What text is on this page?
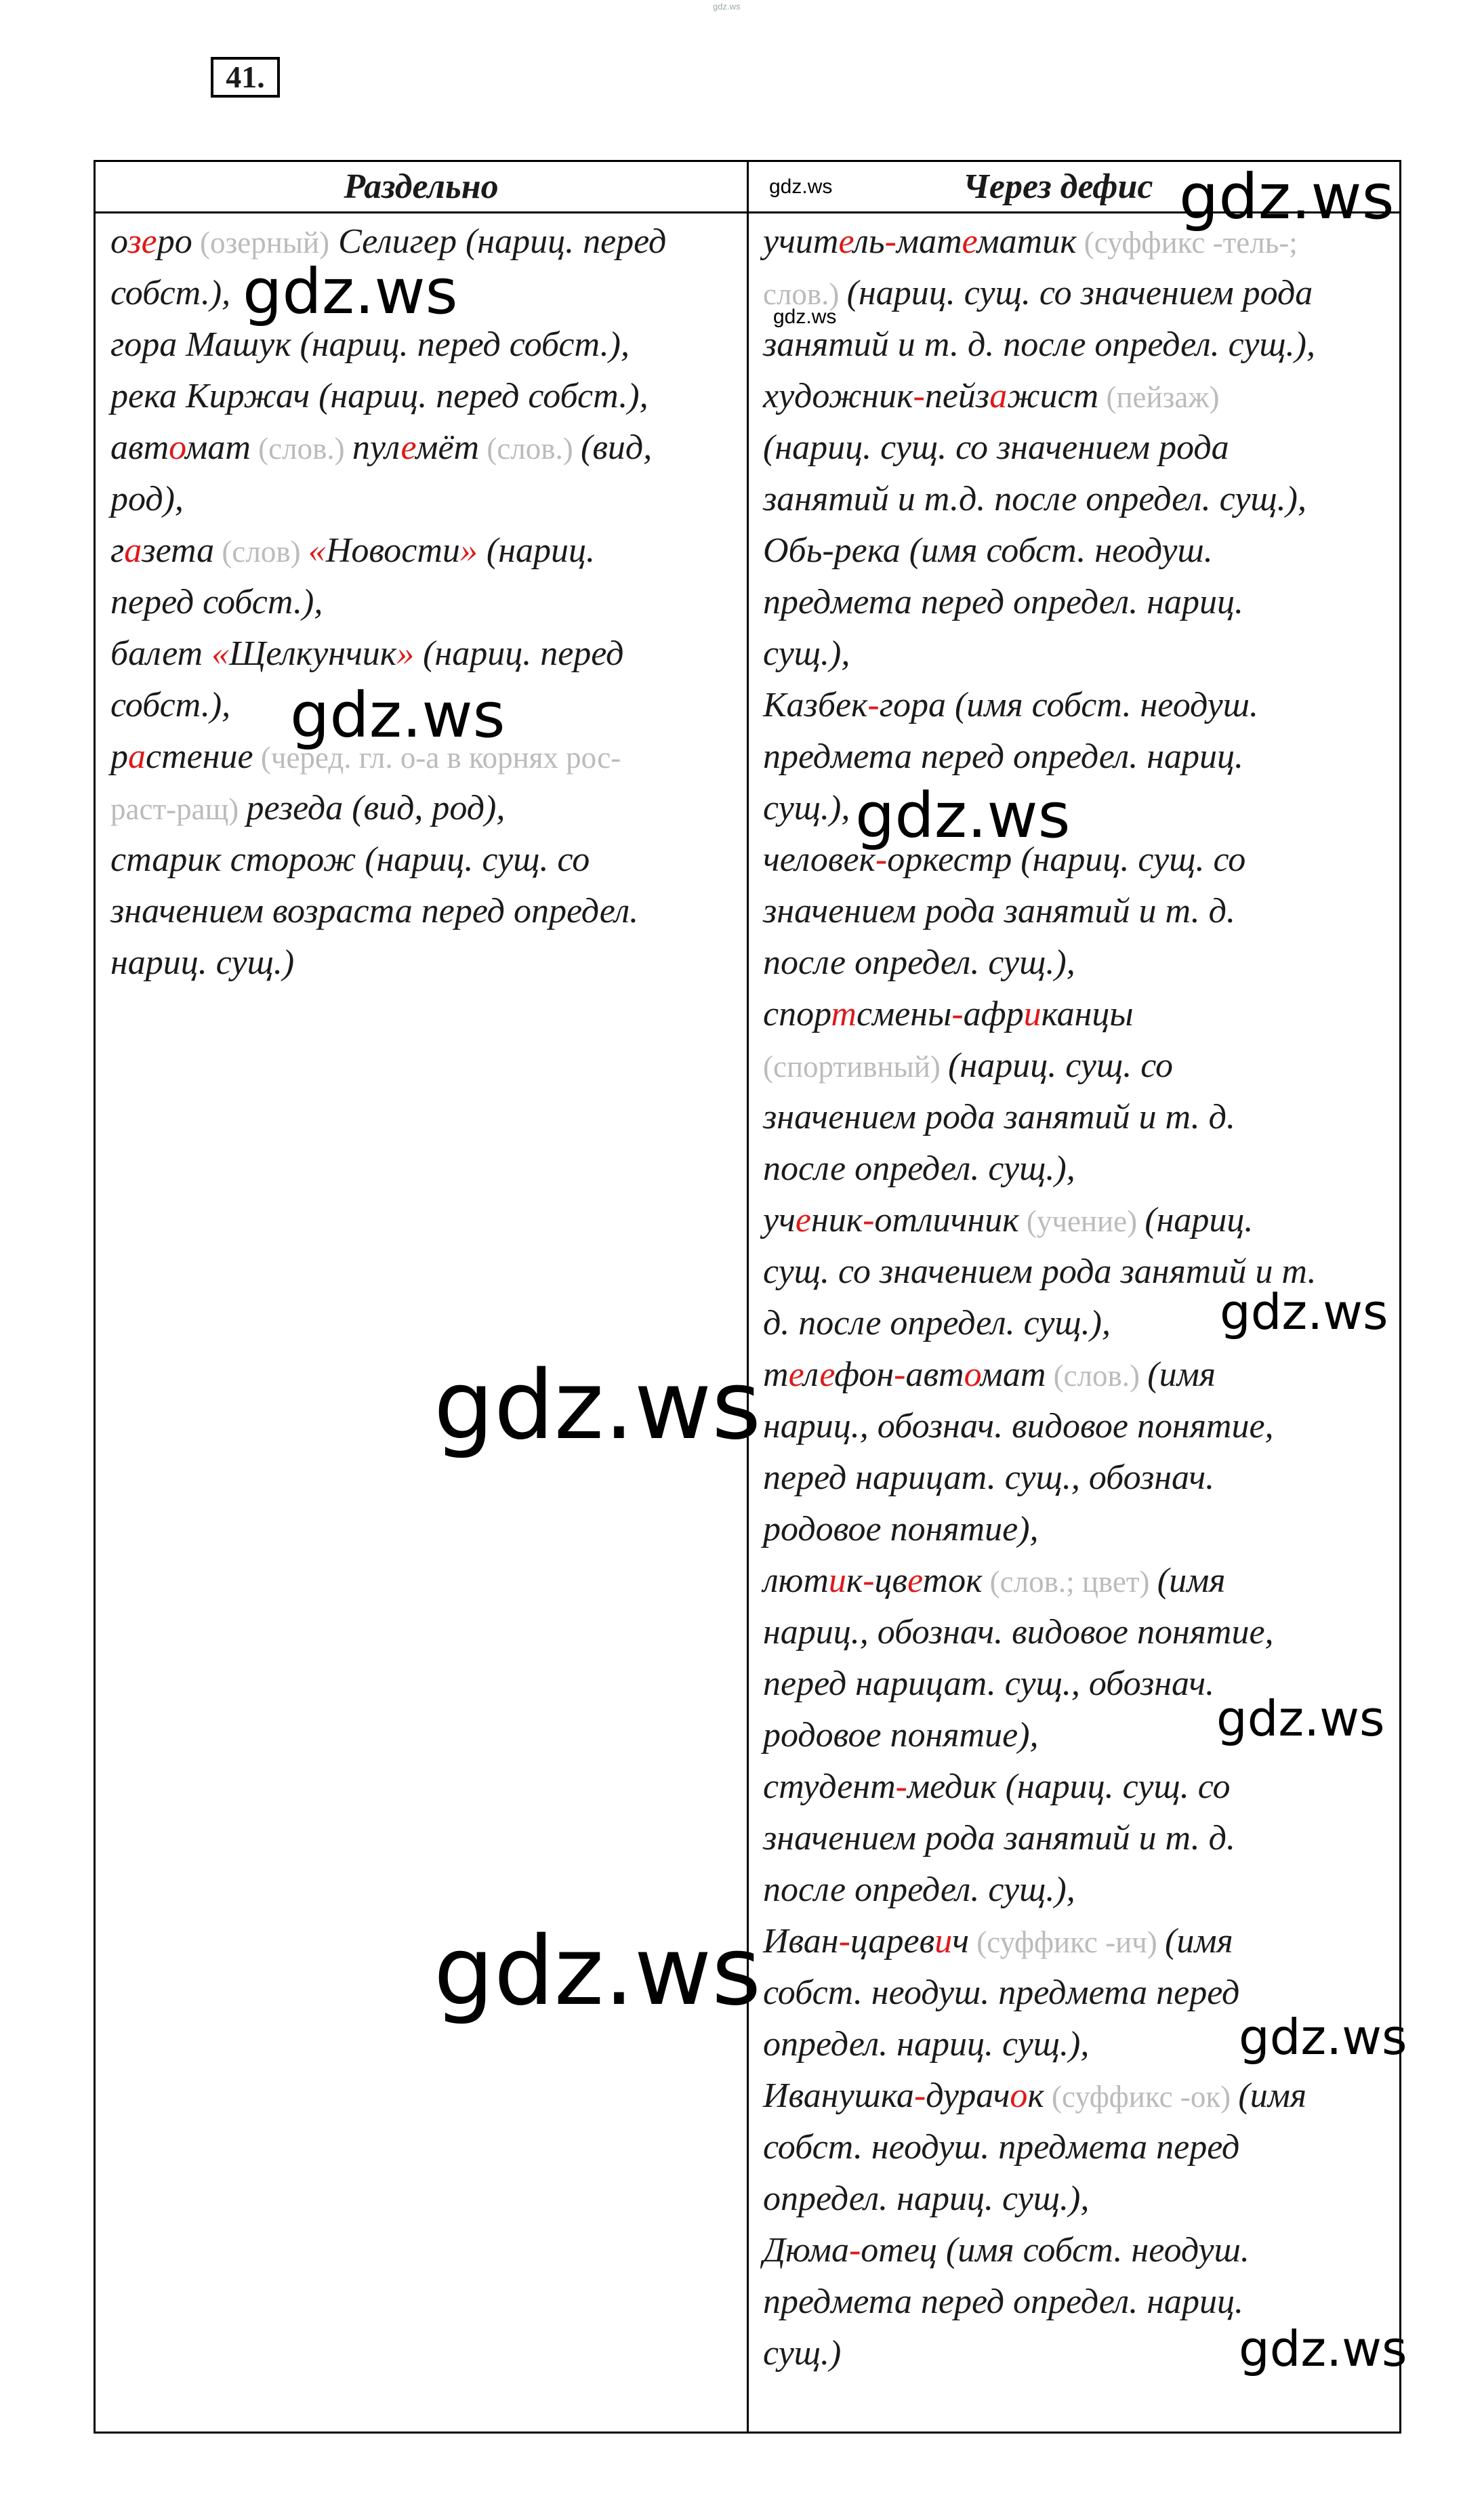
gdz.ws
41.
Раздельно	Через дефис
gdz.ws
gdz.ws
озеро (озерный) Селигер (нариц. перед
собст.),
гора Машук (нариц. перед собст.),
река Киржач (нариц. перед собст.),
автомат (слов.) пулемёт (слов.) (вид,
род),
газета (слов) «Новости» (нариц.
перед собст.),
балет «Щелкунчик» (нариц. перед
собст.),
растение (черед. гл. о-а в корнях рос-
раст-ращ) резеда (вид, род),
старик сторож (нариц. сущ. со
значением возраста перед определ.
нариц. сущ.)
учитель-математик (суффикс -тель-;
слов.) (нариц. сущ. со значением рода
занятий и т. д. после определ. сущ.),
художник-пейзажист (пейзаж)
(нариц. сущ. со значением рода
занятий и т.д. после определ. сущ.),
Обь-река (имя собст. неодуш.
предмета перед определ. нариц.
сущ.),
Казбек-гора (имя собст. неодуш.
предмета перед определ. нариц.
сущ.),
человек-оркестр (нариц. сущ. со
значением рода занятий и т. д.
после определ. сущ.),
спортсмены-африканцы
(спортивный) (нариц. сущ. со
значением рода занятий и т. д.
после определ. сущ.),
ученик-отличник (учение) (нариц.
сущ. со значением рода занятий и т.
д. после определ. сущ.),
телефон-автомат (слов.) (имя
нариц., обознач. видовое понятие,
перед нарицат. сущ., обознач.
родовое понятие),
лютик-цветок (слов.; цвет) (имя
нариц., обознач. видовое понятие,
перед нарицат. сущ., обознач.
родовое понятие),
студент-медик (нариц. сущ. со
значением рода занятий и т. д.
после определ. сущ.),
Иван-царевич (суффикс -ич) (имя
собст. неодуш. предмета перед
определ. нариц. сущ.),
Иванушка-дурачок (суффикс -ок) (имя
собст. неодуш. предмета перед
определ. нариц. сущ.),
Дюма-отец (имя собст. неодуш.
предмета перед определ. нариц.
сущ.)
gdz.ws
gdz.ws
gdz.ws
gdz.ws
gdz.ws
gdz.ws
gdz.ws
gdz.ws
gdz.ws
gdz.ws
